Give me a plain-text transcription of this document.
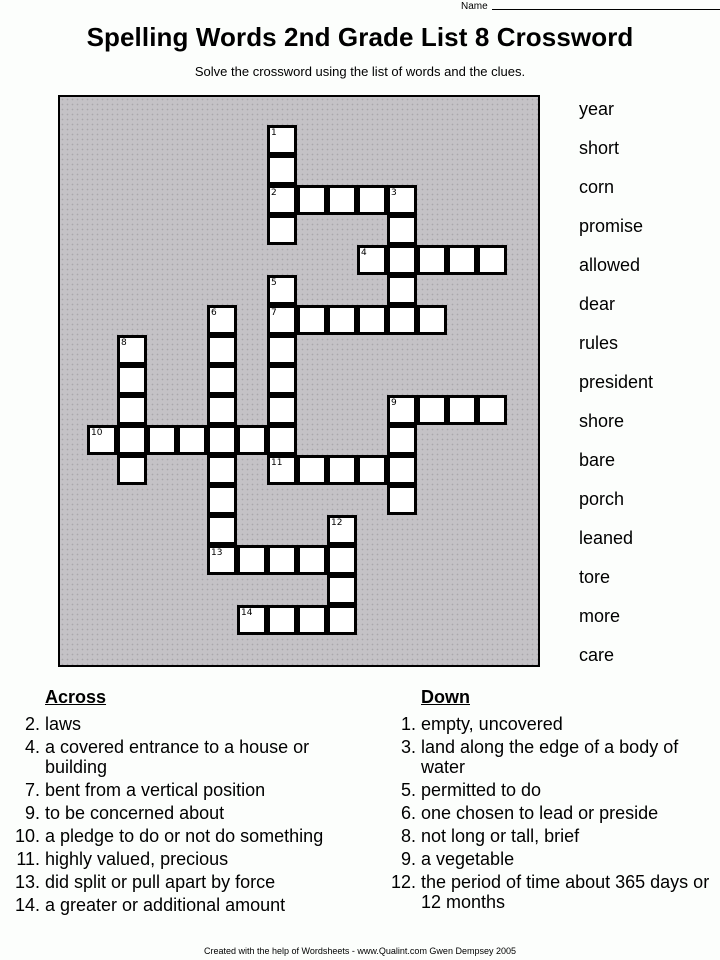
Name
Spelling Words 2nd Grade List 8 Crossword
Solve the crossword using the list of words and the clues.
1
2	3
4
5
7
11
6
13
8
9
10
12
14
year
short
corn
promise
allowed
dear
rules
president
shore
bare
porch
leaned
tore
more
care
Across
2. laws
4. a covered entrance to a house or building
7. bent from a vertical position
9. to be concerned about
10. a pledge to do or not do something
11. highly valued, precious
13. did split or pull apart by force
14. a greater or additional amount
Down
1. empty, uncovered
3. land along the edge of a body of water
5. permitted to do
6. one chosen to lead or preside
8. not long or tall, brief
9. a vegetable
12. the period of time about 365 days or 12 months
Created with the help of Wordsheets - www.Qualint.com Gwen Dempsey 2005
